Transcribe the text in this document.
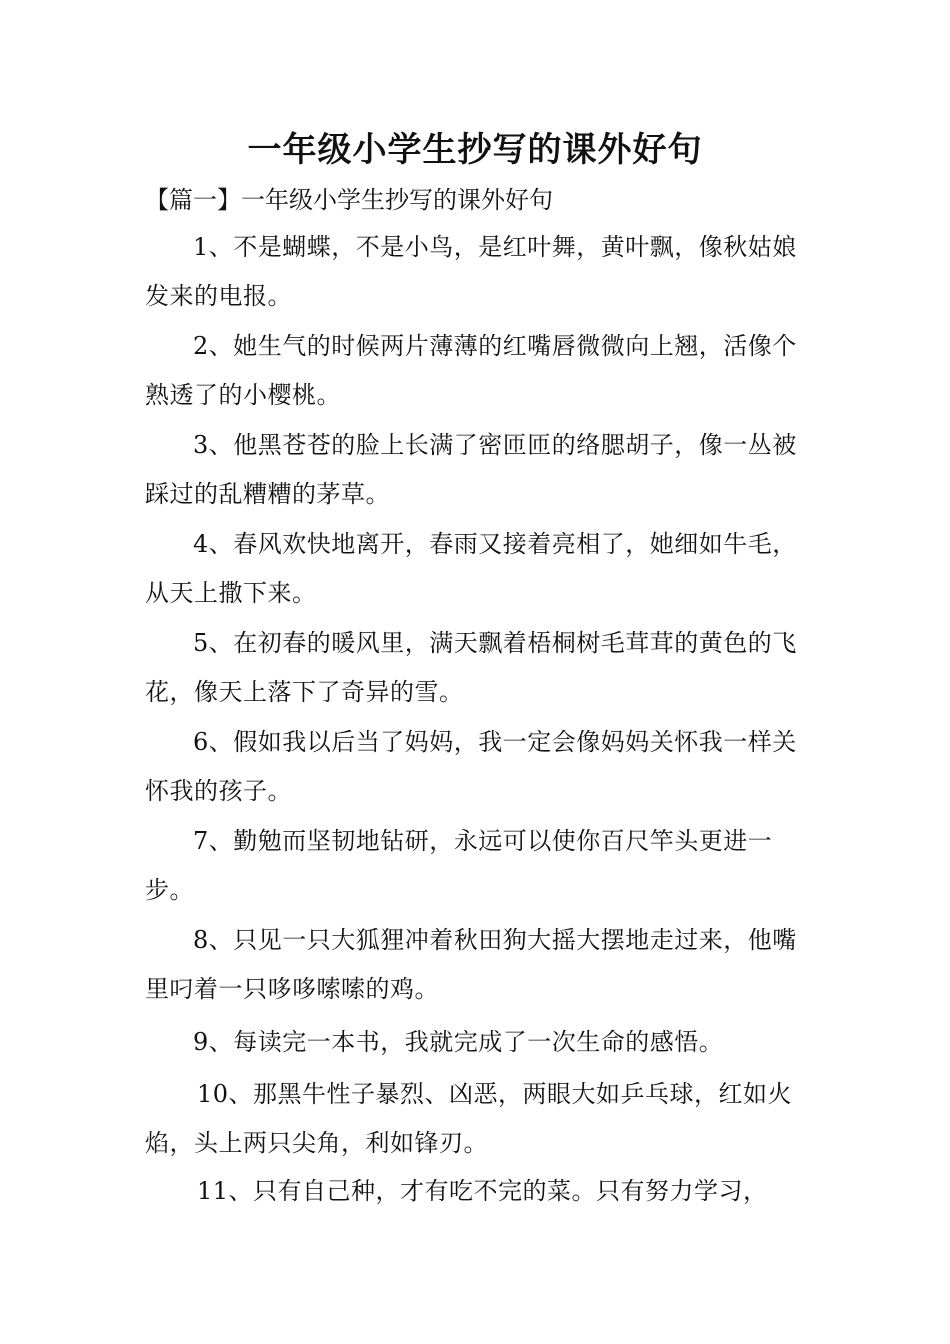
一年级小学生抄写的课外好句

【篇一】一年级小学生抄写的课外好句

1、不是蝴蝶，不是小鸟，是红叶舞，黄叶飘，像秋姑娘发来的电报。

2、她生气的时候两片薄薄的红嘴唇微微向上翘，活像个熟透了的小樱桃。

3、他黑苍苍的脸上长满了密匝匝的络腮胡子，像一丛被踩过的乱糟糟的茅草。

4、春风欢快地离开，春雨又接着亮相了，她细如牛毛，从天上撒下来。

5、在初春的暖风里，满天飘着梧桐树毛茸茸的黄色的飞花，像天上落下了奇异的雪。

6、假如我以后当了妈妈，我一定会像妈妈关怀我一样关怀我的孩子。

7、勤勉而坚韧地钻研，永远可以使你百尺竿头更进一步。

8、只见一只大狐狸冲着秋田狗大摇大摆地走过来，他嘴里叼着一只哆哆嗦嗦的鸡。

9、每读完一本书，我就完成了一次生命的感悟。

10、那黑牛性子暴烈、凶恶，两眼大如乒乓球，红如火焰，头上两只尖角，利如锋刃。

11、只有自己种，才有吃不完的菜。只有努力学习，
